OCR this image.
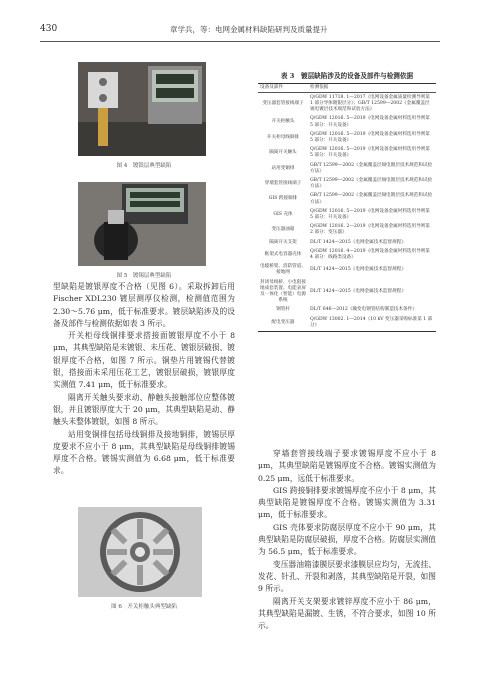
430	章学兵，等：电网金属材料缺陷研判及质量提升
图 4　镀银层典型缺陷
图 5　镀锡层典型缺陷

型缺陷是镀银厚度不合格（见图 6）。采取拆卸后用 Fischer XDL230 镀层测厚仪检测，检测值范围为 2.30～5.76 μm，低于标准要求。镀层缺陷涉及的设备及部件与检测依据如表 3 所示。

开关柜母线铜排要求搭接面镀银厚度不小于 8 μm，其典型缺陷是未镀银、未压花、镀银层破损、镀银厚度不合格，如图 7 所示。铜垫片用镀锡代替镀银，搭接面未采用压花工艺，镀银层破损，镀银厚度实测值 7.41 μm，低于标准要求。

隔离开关触头要求动、静触头接触部位应整体镀银，并且镀银厚度大于 20 μm，其典型缺陷是动、静触头未整体镀银，如图 8 所示。

站用变铜排包括母线铜排及接地铜排，镀锡层厚度要求不应小于 8 μm，其典型缺陷是母线铜排镀锡厚度不合格。镀锡实测值为 6.68 μm，低于标准要求。

图 6　开关柜触头典型缺陷
表 3　镀层缺陷涉及的设备及部件与检测依据
设备及部件	检测依据
变压器套管接线端子	Q/GDW 11718. 1—2017《电网设备金属质量检测导则第 1 部分导体镀银层分》；GB/T 12599—2002《金属覆盖层锡电镀层技术规范和试验方法》
开关柜触头	Q/GDW 12016. 5—2019《电网设备金属材料选用导则第 5 部分：开关设备》
开关柜母线铜排	Q/GDW 12016. 5—2019《电网设备金属材料选用导则第 5 部分：开关设备》
隔离开关触头	Q/GDW 12016. 5—2019《电网设备金属材料选用导则第 5 部分：开关设备》
站用变铜排	GB/T 12599—2002《金属覆盖层锡电镀层技术规范和试验方法》
穿墙套管接线端子	GB/T 12599—2002《金属覆盖层锡电镀层技术规范和试验方法》
GIS 跨接铜排	GB/T 12599—2002《金属覆盖层锡电镀层技术规范和试验方法》
GIS 壳体	Q/GDW 12016. 5—2019《电网设备金属材料选用导则第 5 部分：开关设备》
变压器油箱	Q/GDW 12016. 2—2019《电网设备金属材料选用导则第 2 部分：变压器》
隔离开关支架	DL/T 1424—2015《电网金属技术监督规程》
框架式电容器壳体	Q/GDW 12016. 4—2019《电网设备金属材料选用导则第 4 部分：线路类设备》
电缆桥架、消防管道、接地网	DL/T 1424—2015《电网金属技术监督规程》
封闭母线桥、小电阻接地成套装置、电能表屏及一体化（智能）电源系统	DL/T 1424—2015《电网金属技术监督规程》
钢管杆	DL/T 646—2012《输变电钢管结构制造技术条件》
配电变压器	Q/GDW 13002. 1—2014《10 kV 变压器采购标准第 1 部分》

穿墙套管接线端子要求镀锡厚度不应小于 8 μm，其典型缺陷是镀锡厚度不合格。镀锡实测值为 0.25 μm，远低于标准要求。

GIS 跨接铜排要求镀锡厚度不应小于 8 μm，其典型缺陷是镀锡厚度不合格。镀锡实测值为 3.31 μm，低于标准要求。

GIS 壳体要求防腐层厚度不应小于 90 μm，其典型缺陷是防腐层破损，厚度不合格。防腐层实测值为 56.5 μm，低于标准要求。

变压器油箱漆膜层要求漆膜层应均匀，无流挂、发花、针孔、开裂和剥落，其典型缺陷是开裂，如图 9 所示。

隔离开关支架要求镀锌厚度不应小于 86 μm，其典型缺陷是漏镀、生锈，不符合要求，如图 10 所示。
